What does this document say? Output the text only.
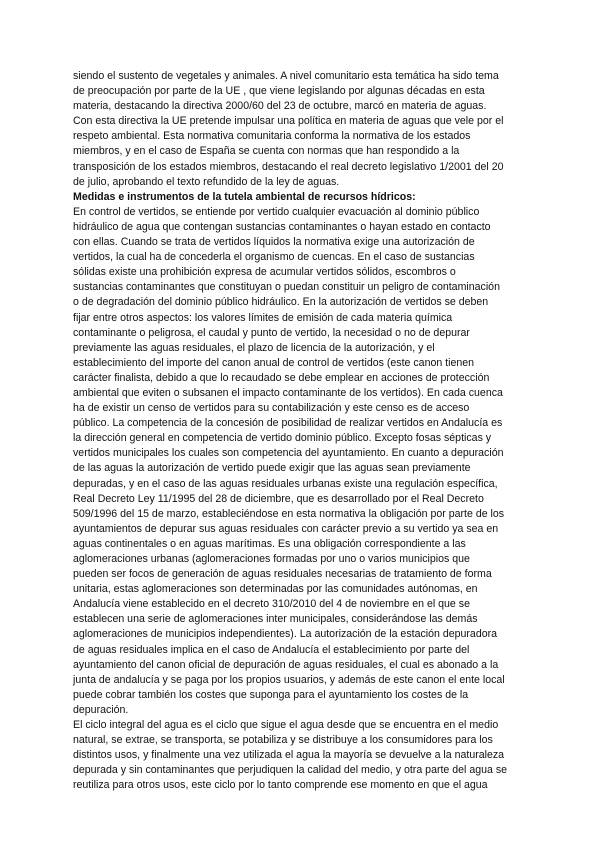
siendo el sustento de vegetales y animales. A nivel comunitario esta temática ha sido tema
de preocupación por parte de la UE , que viene legislando por algunas décadas en esta
materia, destacando la directiva 2000/60 del 23 de octubre, marcó en materia de aguas.
Con esta directiva la UE pretende impulsar una política en materia de aguas que vele por el
respeto ambiental. Esta normativa comunitaria conforma la normativa de los estados
miembros, y en el caso de España se cuenta con normas que han respondido a la
transposición de los estados miembros, destacando el real decreto legislativo 1/2001 del 20
de julio, aprobando el texto refundido de la ley de aguas.
Medidas e instrumentos de la tutela ambiental de recursos hídricos:
En control de vertidos, se entiende por vertido cualquier evacuación al dominio público
hidráulico de agua que contengan sustancias contaminantes o hayan estado en contacto
con ellas. Cuando se trata de vertidos líquidos la normativa exige una autorización de
vertidos, la cual ha de concederla el organismo de cuencas. En el caso de sustancias
sólidas existe una prohibición expresa de acumular vertidos sólidos, escombros o
sustancias contaminantes que constituyan o puedan constituir un peligro de contaminación
o de degradación del dominio público hidráulico. En la autorización de vertidos se deben
fijar entre otros aspectos: los valores límites de emisión de cada materia química
contaminante o peligrosa, el caudal y punto de vertido, la necesidad o no de depurar
previamente las aguas residuales, el plazo de licencia de la autorización, y el
establecimiento del importe del canon anual de control de vertidos (este canon tienen
carácter finalista, debido a que lo recaudado se debe emplear en acciones de protección
ambiental que eviten o subsanen el impacto contaminante de los vertidos). En cada cuenca
ha de existir un censo de vertidos para su contabilización y este censo es de acceso
público. La competencia de la concesión de posibilidad de realizar vertidos en Andalucía es
la dirección general en competencia de vertido dominio público. Excepto fosas sépticas y
vertidos municipales los cuales son competencia del ayuntamiento. En cuanto a depuración
de las aguas la autorización de vertido puede exigir que las aguas sean previamente
depuradas, y en el caso de las aguas residuales urbanas existe una regulación específica,
Real Decreto Ley 11/1995 del 28 de diciembre, que es desarrollado por el Real Decreto
509/1996 del 15 de marzo, estableciéndose en esta normativa la obligación por parte de los
ayuntamientos de depurar sus aguas residuales con carácter previo a su vertido ya sea en
aguas continentales o en aguas marítimas. Es una obligación correspondiente a las
aglomeraciones urbanas (aglomeraciones formadas por uno o varios municipios que
pueden ser focos de generación de aguas residuales necesarias de tratamiento de forma
unitaria, estas aglomeraciones son determinadas por las comunidades autónomas, en
Andalucía viene establecido en el decreto 310/2010 del 4 de noviembre en el que se
establecen una serie de aglomeraciones inter municipales, considerándose las demás
aglomeraciones de municipios independientes). La autorización de la estación depuradora
de aguas residuales implica en el caso de Andalucía el establecimiento por parte del
ayuntamiento del canon oficial de depuración de aguas residuales, el cual es abonado a la
junta de andalucía y se paga por los propios usuarios, y además de este canon el ente local
puede cobrar también los costes que suponga para el ayuntamiento los costes de la
depuración.
El ciclo integral del agua es el ciclo que sigue el agua desde que se encuentra en el medio
natural, se extrae, se transporta, se potabiliza y se distribuye a los consumidores para los
distintos usos, y finalmente una vez utilizada el agua la mayoría se devuelve a la naturaleza
depurada y sin contaminantes que perjudiquen la calidad del medio, y otra parte del agua se
reutiliza para otros usos, este ciclo por lo tanto comprende ese momento en que el agua
